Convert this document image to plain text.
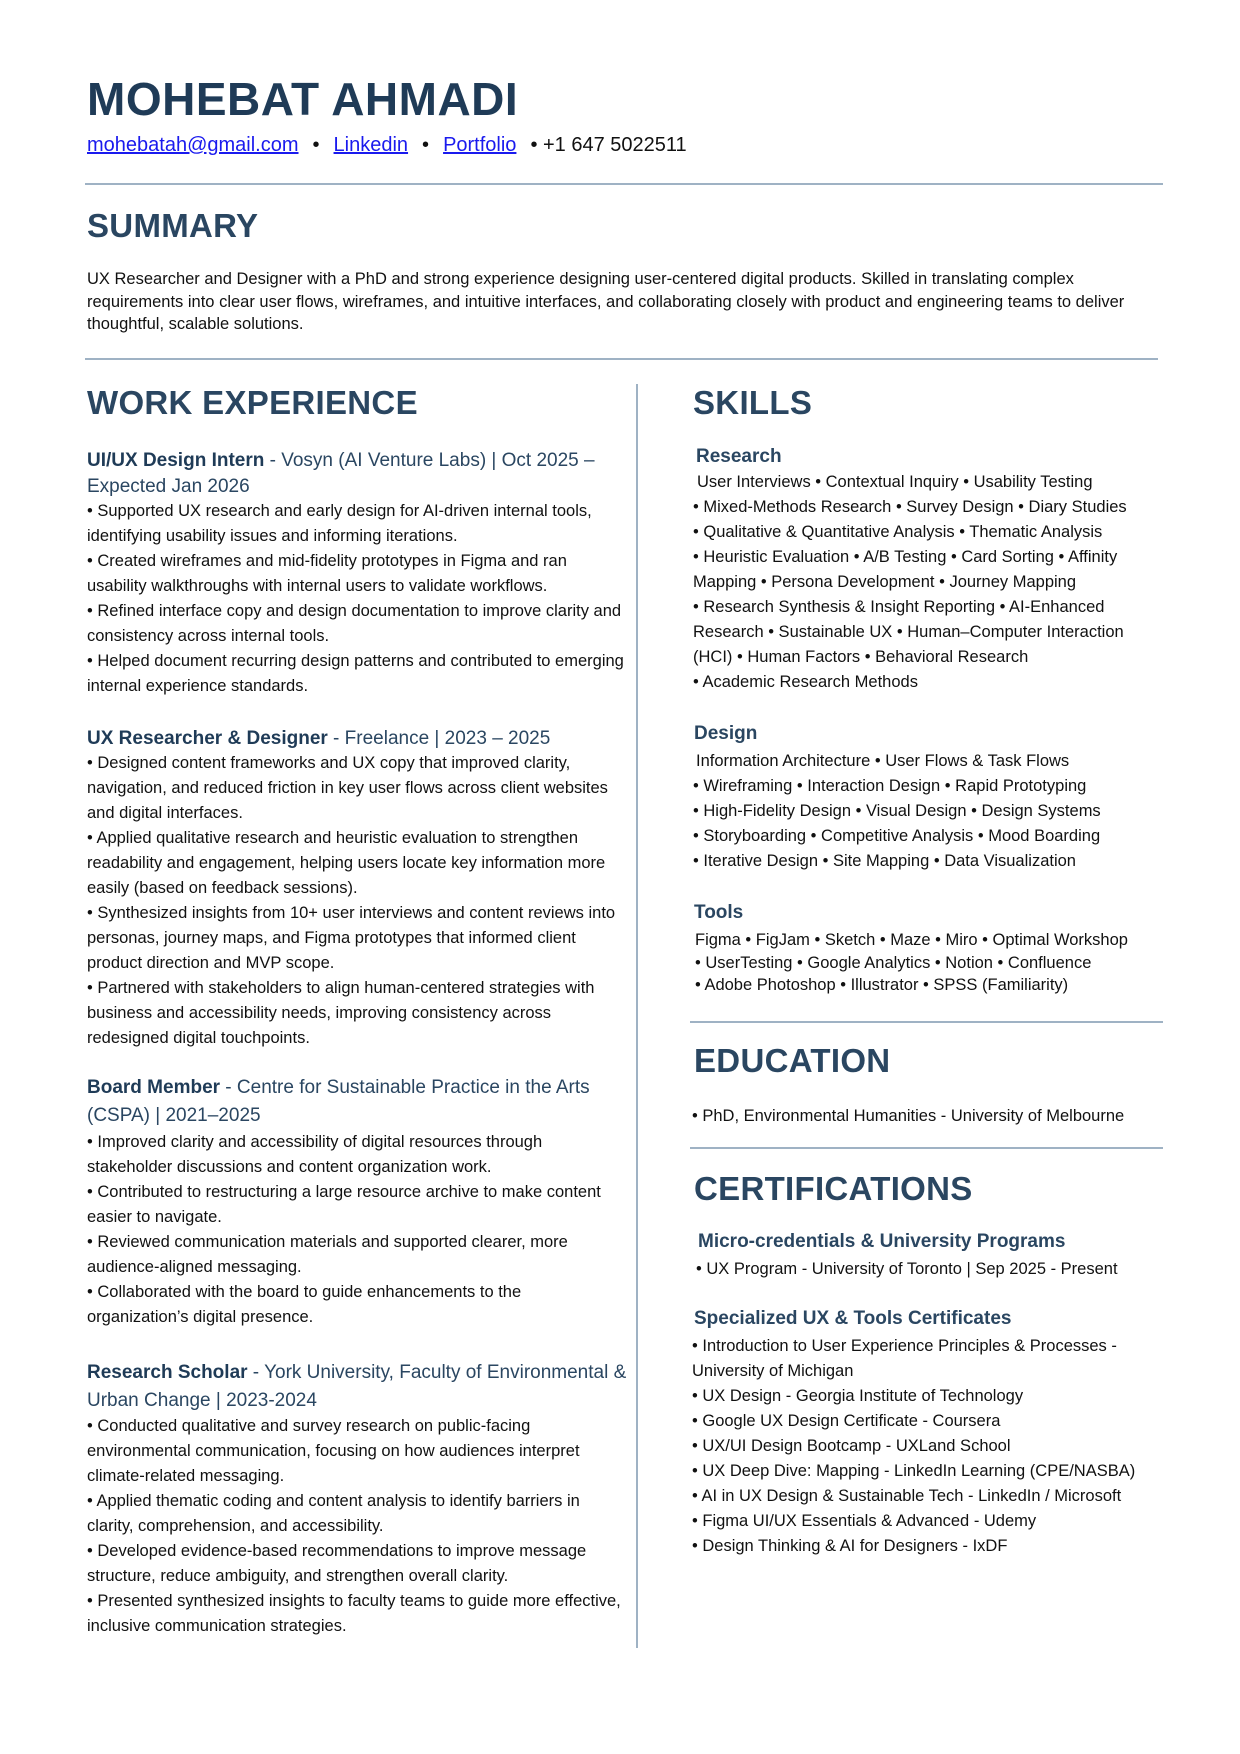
MOHEBAT AHMADI
mohebatah@gmail.com • Linkedin • Portfolio • +1 647 5022511
SUMMARY
UX Researcher and Designer with a PhD and strong experience designing user-centered digital products. Skilled in translating complex requirements into clear user flows, wireframes, and intuitive interfaces, and collaborating closely with product and engineering teams to deliver thoughtful, scalable solutions.
WORK EXPERIENCE
UI/UX Design Intern - Vosyn (AI Venture Labs) | Oct 2025 – Expected Jan 2026
• Supported UX research and early design for AI-driven internal tools, identifying usability issues and informing iterations.
• Created wireframes and mid-fidelity prototypes in Figma and ran usability walkthroughs with internal users to validate workflows.
• Refined interface copy and design documentation to improve clarity and consistency across internal tools.
• Helped document recurring design patterns and contributed to emerging internal experience standards.
UX Researcher & Designer - Freelance | 2023 – 2025
• Designed content frameworks and UX copy that improved clarity, navigation, and reduced friction in key user flows across client websites and digital interfaces.
• Applied qualitative research and heuristic evaluation to strengthen readability and engagement, helping users locate key information more easily (based on feedback sessions).
• Synthesized insights from 10+ user interviews and content reviews into personas, journey maps, and Figma prototypes that informed client product direction and MVP scope.
• Partnered with stakeholders to align human-centered strategies with business and accessibility needs, improving consistency across redesigned digital touchpoints.
Board Member - Centre for Sustainable Practice in the Arts (CSPA) | 2021–2025
• Improved clarity and accessibility of digital resources through stakeholder discussions and content organization work.
• Contributed to restructuring a large resource archive to make content easier to navigate.
• Reviewed communication materials and supported clearer, more audience-aligned messaging.
• Collaborated with the board to guide enhancements to the organization’s digital presence.
Research Scholar - York University, Faculty of Environmental & Urban Change | 2023-2024
• Conducted qualitative and survey research on public-facing environmental communication, focusing on how audiences interpret climate-related messaging.
• Applied thematic coding and content analysis to identify barriers in clarity, comprehension, and accessibility.
• Developed evidence-based recommendations to improve message structure, reduce ambiguity, and strengthen overall clarity.
• Presented synthesized insights to faculty teams to guide more effective, inclusive communication strategies.
SKILLS
Research

User Interviews • Contextual Inquiry • Usability Testing

• Mixed-Methods Research • Survey Design • Diary Studies

• Qualitative & Quantitative Analysis • Thematic Analysis

• Heuristic Evaluation • A/B Testing • Card Sorting • Affinity Mapping • Persona Development • Journey Mapping

• Research Synthesis & Insight Reporting • AI-Enhanced Research • Sustainable UX • Human–Computer Interaction (HCI) • Human Factors • Behavioral Research

• Academic Research Methods

Design

Information Architecture • User Flows & Task Flows

• Wireframing • Interaction Design • Rapid Prototyping

• High-Fidelity Design • Visual Design • Design Systems

• Storyboarding • Competitive Analysis • Mood Boarding

• Iterative Design • Site Mapping • Data Visualization

Tools

Figma • FigJam • Sketch • Maze • Miro • Optimal Workshop

• UserTesting • Google Analytics • Notion • Confluence

• Adobe Photoshop • Illustrator • SPSS (Familiarity)

EDUCATION
• PhD, Environmental Humanities - University of Melbourne
CERTIFICATIONS
Micro-credentials & University Programs
• UX Program - University of Toronto | Sep 2025 - Present
Specialized UX & Tools Certificates
• Introduction to User Experience Principles & Processes - University of Michigan
• UX Design - Georgia Institute of Technology
• Google UX Design Certificate - Coursera
• UX/UI Design Bootcamp - UXLand School
• UX Deep Dive: Mapping - LinkedIn Learning (CPE/NASBA)
• AI in UX Design & Sustainable Tech - LinkedIn / Microsoft
• Figma UI/UX Essentials & Advanced - Udemy
• Design Thinking & AI for Designers - IxDF
